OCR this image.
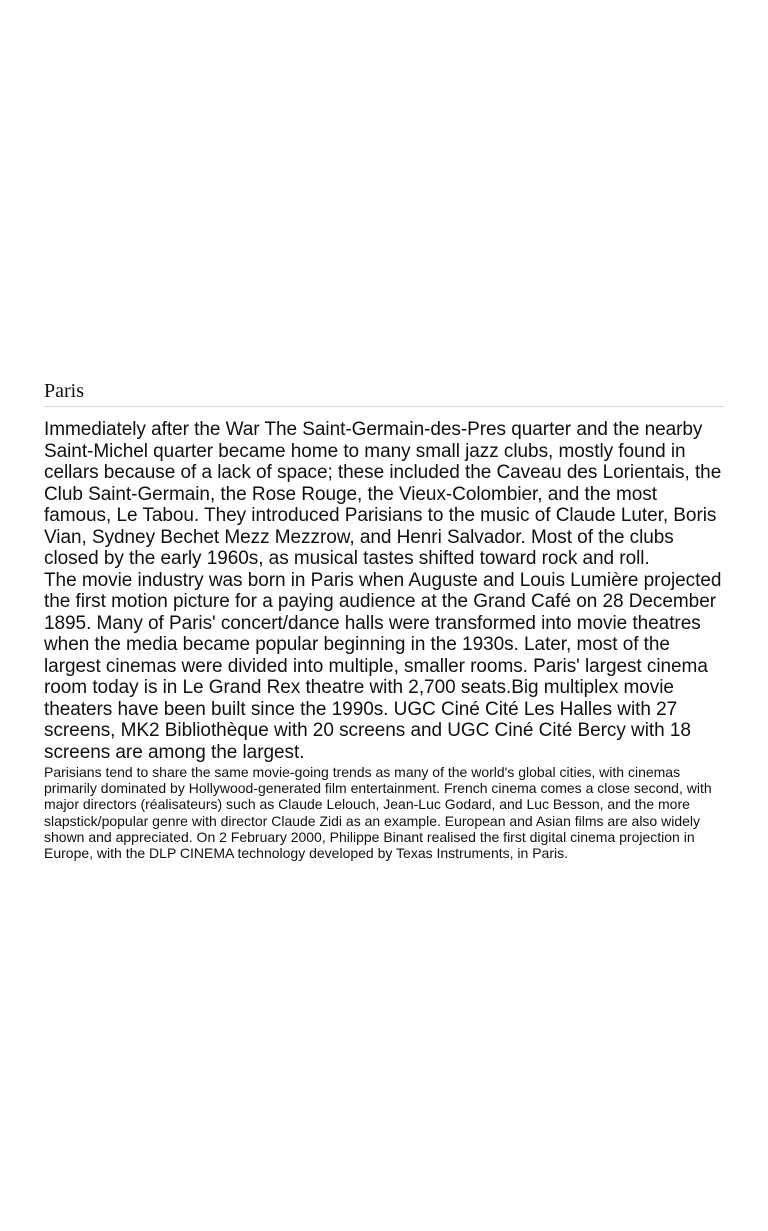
Paris

Immediately after the War The Saint-Germain-des-Pres quarter and the nearby Saint-Michel quarter became home to many small jazz clubs, mostly found in cellars because of a lack of space; these included the Caveau des Lorientais, the Club Saint-Germain, the Rose Rouge, the Vieux-Colombier, and the most famous, Le Tabou. They introduced Parisians to the music of Claude Luter, Boris Vian, Sydney Bechet Mezz Mezzrow, and Henri Salvador. Most of the clubs closed by the early 1960s, as musical tastes shifted toward rock and roll.

The movie industry was born in Paris when Auguste and Louis Lumière projected the first motion picture for a paying audience at the Grand Café on 28 December 1895. Many of Paris' concert/dance halls were transformed into movie theatres when the media became popular beginning in the 1930s. Later, most of the largest cinemas were divided into multiple, smaller rooms. Paris' largest cinema room today is in Le Grand Rex theatre with 2,700 seats.Big multiplex movie theaters have been built since the 1990s. UGC Ciné Cité Les Halles with 27 screens, MK2 Bibliothèque with 20 screens and UGC Ciné Cité Bercy with 18 screens are among the largest.

Parisians tend to share the same movie-going trends as many of the world's global cities, with cinemas primarily dominated by Hollywood-generated film entertainment. French cinema comes a close second, with major directors (réalisateurs) such as Claude Lelouch, Jean-Luc Godard, and Luc Besson, and the more slapstick/popular genre with director Claude Zidi as an example. European and Asian films are also widely shown and appreciated. On 2 February 2000, Philippe Binant realised the first digital cinema projection in Europe, with the DLP CINEMA technology developed by Texas Instruments, in Paris.
